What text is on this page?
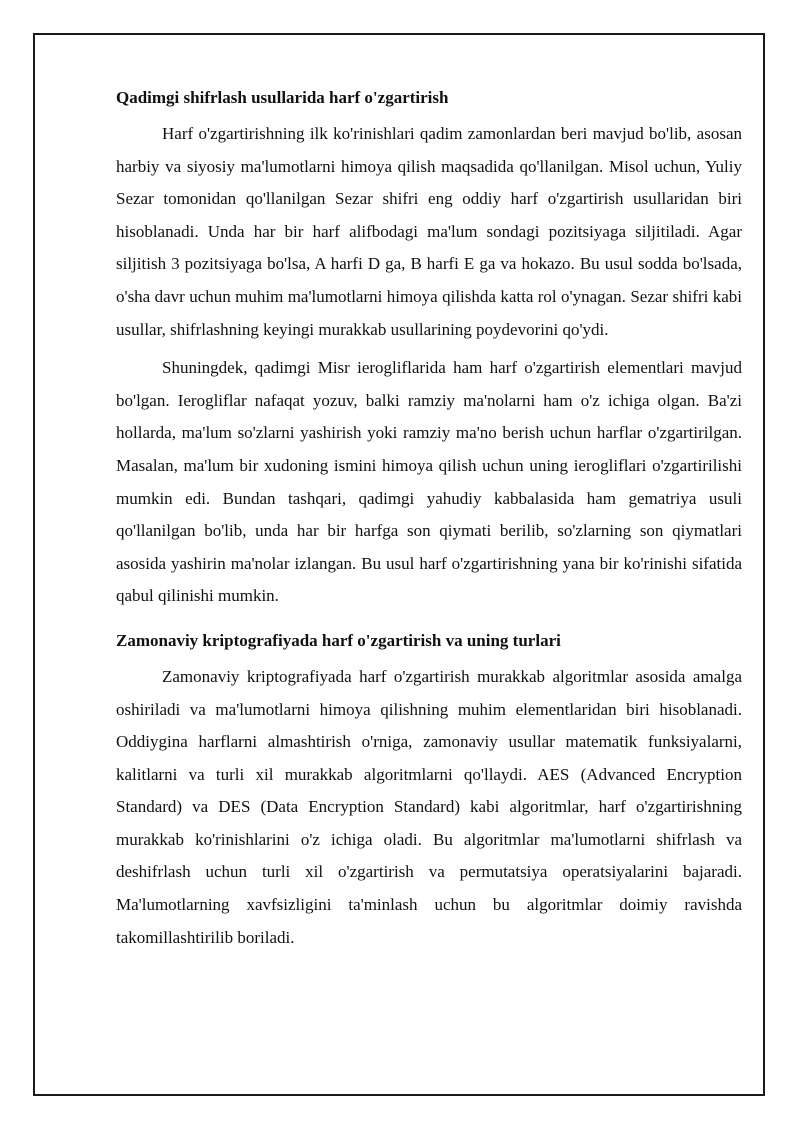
Qadimgi shifrlash usullarida harf o'zgartirish

Harf o'zgartirishning ilk ko'rinishlari qadim zamonlardan beri mavjud bo'lib, asosan harbiy va siyosiy ma'lumotlarni himoya qilish maqsadida qo'llanilgan. Misol uchun, Yuliy Sezar tomonidan qo'llanilgan Sezar shifri eng oddiy harf o'zgartirish usullaridan biri hisoblanadi. Unda har bir harf alifbodagi ma'lum sondagi pozitsiyaga siljitiladi. Agar siljitish 3 pozitsiyaga bo'lsa, A harfi D ga, B harfi E ga va hokazo. Bu usul sodda bo'lsada, o'sha davr uchun muhim ma'lumotlarni himoya qilishda katta rol o'ynagan. Sezar shifri kabi usullar, shifrlashning keyingi murakkab usullarining poydevorini qo'ydi.

Shuningdek, qadimgi Misr ierogliflarida ham harf o'zgartirish elementlari mavjud bo'lgan. Ierogliflar nafaqat yozuv, balki ramziy ma'nolarni ham o'z ichiga olgan. Ba'zi hollarda, ma'lum so'zlarni yashirish yoki ramziy ma'no berish uchun harflar o'zgartirilgan. Masalan, ma'lum bir xudoning ismini himoya qilish uchun uning ierogliflari o'zgartirilishi mumkin edi. Bundan tashqari, qadimgi yahudiy kabbalasida ham gematriya usuli qo'llanilgan bo'lib, unda har bir harfga son qiymati berilib, so'zlarning son qiymatlari asosida yashirin ma'nolar izlangan. Bu usul harf o'zgartirishning yana bir ko'rinishi sifatida qabul qilinishi mumkin.

Zamonaviy kriptografiyada harf o'zgartirish va uning turlari

Zamonaviy kriptografiyada harf o'zgartirish murakkab algoritmlar asosida amalga oshiriladi va ma'lumotlarni himoya qilishning muhim elementlaridan biri hisoblanadi. Oddiygina harflarni almashtirish o'rniga, zamonaviy usullar matematik funksiyalarni, kalitlarni va turli xil murakkab algoritmlarni qo'llaydi. AES (Advanced Encryption Standard) va DES (Data Encryption Standard) kabi algoritmlar, harf o'zgartirishning murakkab ko'rinishlarini o'z ichiga oladi. Bu algoritmlar ma'lumotlarni shifrlash va deshifrlash uchun turli xil o'zgartirish va permutatsiya operatsiyalarini bajaradi. Ma'lumotlarning xavfsizligini ta'minlash uchun bu algoritmlar doimiy ravishda takomillashtirilib boriladi.
